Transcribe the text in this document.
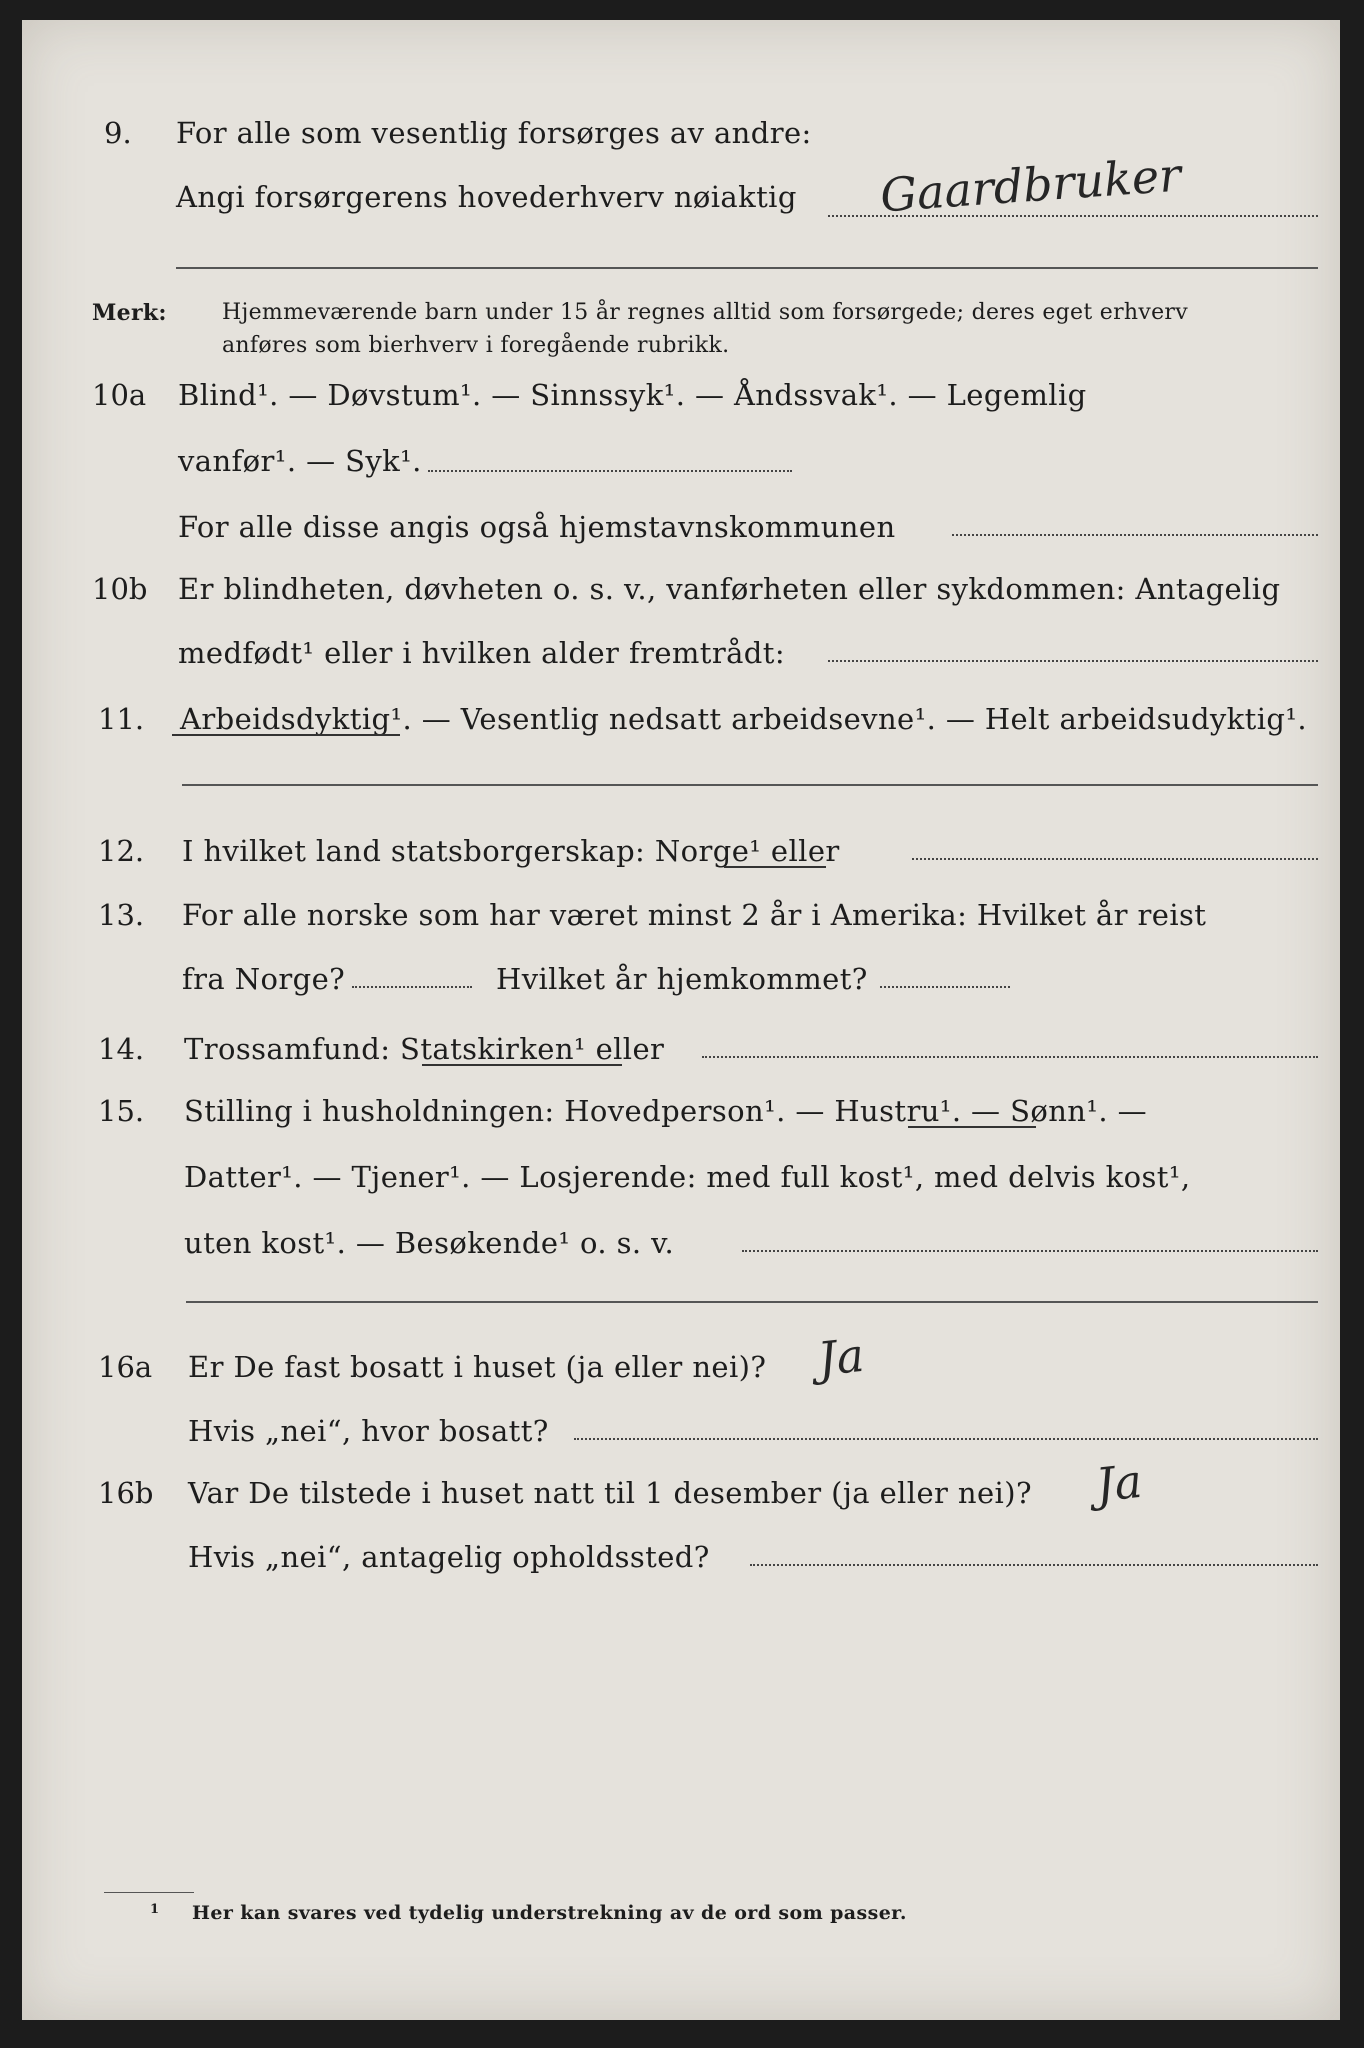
9. For alle som vesentlig forsørges av andre:
Angi forsørgerens hovederhverv nøiaktig Gaardbruker
Merk:	Hjemmeværende barn under 15 år regnes alltid som forsørgede; deres eget erhverv
anføres som bierhverv i foregående rubrikk.
10a Blind¹. — Døvstum¹. — Sinnssyk¹. — Åndssvak¹. — Legemlig
vanfør¹. — Syk¹.
For alle disse angis også hjemstavnskommunen
10b Er blindheten, døvheten o. s. v., vanførheten eller sykdommen: Antagelig
medfødt¹ eller i hvilken alder fremtrådt:
11. Arbeidsdyktig¹. — Vesentlig nedsatt arbeidsevne¹. — Helt arbeidsudyktig¹.
12. I hvilket land statsborgerskap: Norge¹ eller
13. For alle norske som har været minst 2 år i Amerika: Hvilket år reist
fra Norge?	Hvilket år hjemkommet?
14. Trossamfund: Statskirken¹ eller
15. Stilling i husholdningen: Hovedperson¹. — Hustru¹. — Sønn¹. —
Datter¹. — Tjener¹. — Losjerende: med full kost¹, med delvis kost¹,
uten kost¹. — Besøkende¹ o. s. v.
16a Er De fast bosatt i huset (ja eller nei)? Ja
Hvis „nei“, hvor bosatt?
16b Var De tilstede i huset natt til 1 desember (ja eller nei)? Ja
Hvis „nei“, antagelig opholdssted?
1 Her kan svares ved tydelig understrekning av de ord som passer.
